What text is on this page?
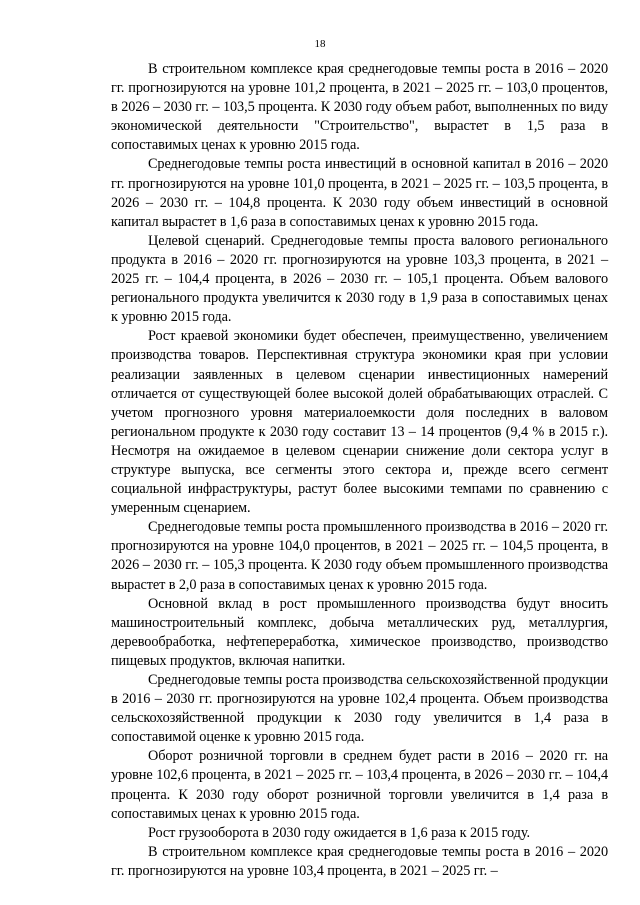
18

В строительном комплексе края среднегодовые темпы роста в 2016 – 2020 гг. прогнозируются на уровне 101,2 процента, в 2021 – 2025 гг. – 103,0 процентов, в 2026 – 2030 гг. – 103,5 процента. К 2030 году объем работ, выполненных по виду экономической деятельности "Строительство", вырастет в 1,5 раза в сопоставимых ценах к уровню 2015 года.

Среднегодовые темпы роста инвестиций в основной капитал в 2016 – 2020 гг. прогнозируются на уровне 101,0 процента, в 2021 – 2025 гг. – 103,5 процента, в 2026 – 2030 гг. – 104,8 процента. К 2030 году объем инвестиций в основной капитал вырастет в 1,6 раза в сопоставимых ценах к уровню 2015 года.

Целевой сценарий. Среднегодовые темпы проста валового регионального продукта в 2016 – 2020 гг. прогнозируются на уровне 103,3 процента, в 2021 – 2025 гг. – 104,4 процента, в 2026 – 2030 гг. – 105,1 процента. Объем валового регионального продукта увеличится к 2030 году в 1,9 раза в сопоставимых ценах к уровню 2015 года.

Рост краевой экономики будет обеспечен, преимущественно, увеличением производства товаров. Перспективная структура экономики края при условии реализации заявленных в целевом сценарии инвестиционных намерений отличается от существующей более высокой долей обрабатывающих отраслей. С учетом прогнозного уровня материалоемкости доля последних в валовом региональном продукте к 2030 году составит 13 – 14 процентов (9,4 % в 2015 г.). Несмотря на ожидаемое в целевом сценарии снижение доли сектора услуг в структуре выпуска, все сегменты этого сектора и, прежде всего сегмент социальной инфраструктуры, растут более высокими темпами по сравнению с умеренным сценарием.

Среднегодовые темпы роста промышленного производства в 2016 – 2020 гг. прогнозируются на уровне 104,0 процентов, в 2021 – 2025 гг. – 104,5 процента, в 2026 – 2030 гг. – 105,3 процента. К 2030 году объем промышленного производства вырастет в 2,0 раза в сопоставимых ценах к уровню 2015 года.

Основной вклад в рост промышленного производства будут вносить машиностроительный комплекс, добыча металлических руд, металлургия, деревообработка, нефтепереработка, химическое производство, производство пищевых продуктов, включая напитки.

Среднегодовые темпы роста производства сельскохозяйственной продукции в 2016 – 2030 гг. прогнозируются на уровне 102,4 процента. Объем производства сельскохозяйственной продукции к 2030 году увеличится в 1,4 раза в сопоставимой оценке к уровню 2015 года.

Оборот розничной торговли в среднем будет расти в 2016 – 2020 гг. на уровне 102,6 процента, в 2021 – 2025 гг. – 103,4 процента, в 2026 – 2030 гг. – 104,4 процента. К 2030 году оборот розничной торговли увеличится в 1,4 раза в сопоставимых ценах к уровню 2015 года.

Рост грузооборота в 2030 году ожидается в 1,6 раза к 2015 году.

В строительном комплексе края среднегодовые темпы роста в 2016 – 2020 гг. прогнозируются на уровне 103,4 процента, в 2021 – 2025 гг. –
